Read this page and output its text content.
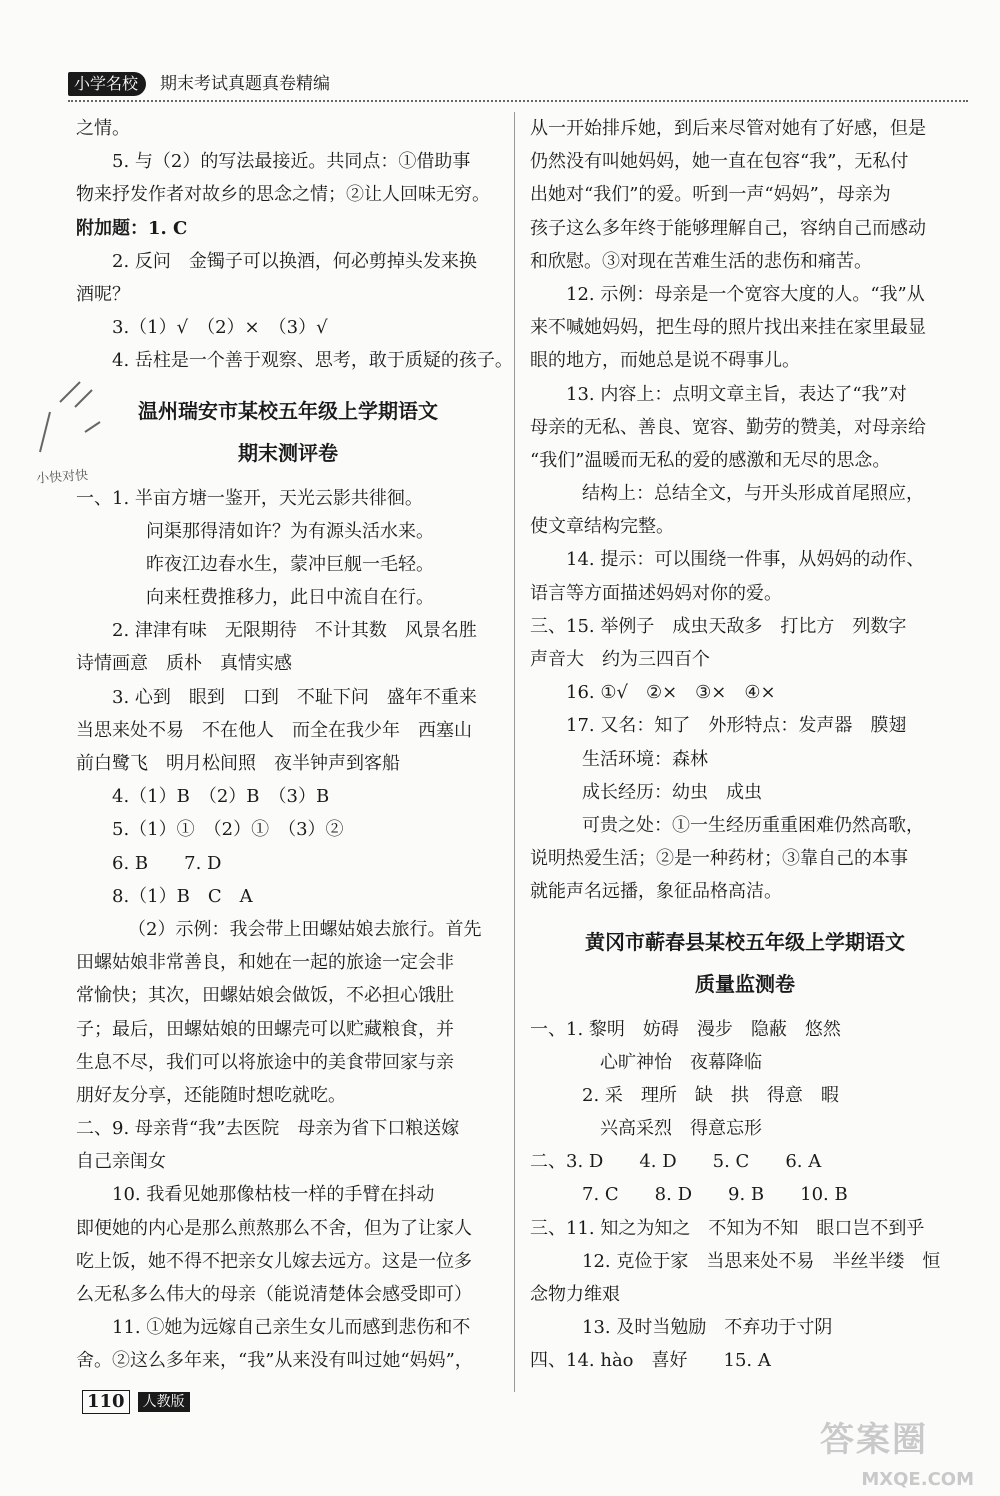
小学名校	期末考试真题真卷精编
小快对快
之情。
5. 与（2）的写法最接近。共同点：①借助事
物来抒发作者对故乡的思念之情；②让人回味无穷。
附加题：1. C
2. 反问　金镯子可以换酒，何必剪掉头发来换
酒呢？
3.（1）√　（2）×　（3）√
4. 岳柱是一个善于观察、思考，敢于质疑的孩子。
温州瑞安市某校五年级上学期语文
期末测评卷
一、1. 半亩方塘一鉴开，天光云影共徘徊。
问渠那得清如许？为有源头活水来。
昨夜江边春水生，蒙冲巨舰一毛轻。
向来枉费推移力，此日中流自在行。
2. 津津有味　无限期待　不计其数　风景名胜
诗情画意　质朴　真情实感
3. 心到　眼到　口到　不耻下问　盛年不重来
当思来处不易　不在他人　而全在我少年　西塞山
前白鹭飞　明月松间照　夜半钟声到客船
4.（1）B　（2）B　（3）B
5.（1）①　（2）①　（3）②
6. B　　7. D
8.（1）B　C　A
（2）示例：我会带上田螺姑娘去旅行。首先
田螺姑娘非常善良，和她在一起的旅途一定会非
常愉快；其次，田螺姑娘会做饭，不必担心饿肚
子；最后，田螺姑娘的田螺壳可以贮藏粮食，并
生息不尽，我们可以将旅途中的美食带回家与亲
朋好友分享，还能随时想吃就吃。
二、9. 母亲背“我”去医院　母亲为省下口粮送嫁
自己亲闺女
10. 我看见她那像枯枝一样的手臂在抖动
即便她的内心是那么煎熬那么不舍，但为了让家人
吃上饭，她不得不把亲女儿嫁去远方。这是一位多
么无私多么伟大的母亲（能说清楚体会感受即可）
11. ①她为远嫁自己亲生女儿而感到悲伤和不
舍。②这么多年来，“我”从来没有叫过她“妈妈”，
从一开始排斥她，到后来尽管对她有了好感，但是
仍然没有叫她妈妈，她一直在包容“我”，无私付
出她对“我们”的爱。听到一声“妈妈”，母亲为
孩子这么多年终于能够理解自己，容纳自己而感动
和欣慰。③对现在苦难生活的悲伤和痛苦。
12. 示例：母亲是一个宽容大度的人。“我”从
来不喊她妈妈，把生母的照片找出来挂在家里最显
眼的地方，而她总是说不碍事儿。
13. 内容上：点明文章主旨，表达了“我”对
母亲的无私、善良、宽容、勤劳的赞美，对母亲给
“我们”温暖而无私的爱的感激和无尽的思念。
结构上：总结全文，与开头形成首尾照应，
使文章结构完整。
14. 提示：可以围绕一件事，从妈妈的动作、
语言等方面描述妈妈对你的爱。
三、15. 举例子　成虫天敌多　打比方　列数字
声音大　约为三四百个
16. ①√　②×　③×　④×
17. 又名：知了　外形特点：发声器　膜翅
生活环境：森林
成长经历：幼虫　成虫
可贵之处：①一生经历重重困难仍然高歌，
说明热爱生活；②是一种药材；③靠自己的本事
就能声名远播，象征品格高洁。
黄冈市蕲春县某校五年级上学期语文
质量监测卷
一、1. 黎明　妨碍　漫步　隐蔽　悠然
心旷神怡　夜幕降临
2. 采　理所　缺　拱　得意　暇
兴高采烈　得意忘形
二、3. D　　4. D　　5. C　　6. A
7. C　　8. D　　9. B　　10. B
三、11. 知之为知之　不知为不知　眼口岂不到乎
12. 克俭于家　当思来处不易　半丝半缕　恒
念物力维艰
13. 及时当勉励　不弃功于寸阴
四、14. hào　喜好　　15. A
110 人教版
答案圈
MXQE.COM
